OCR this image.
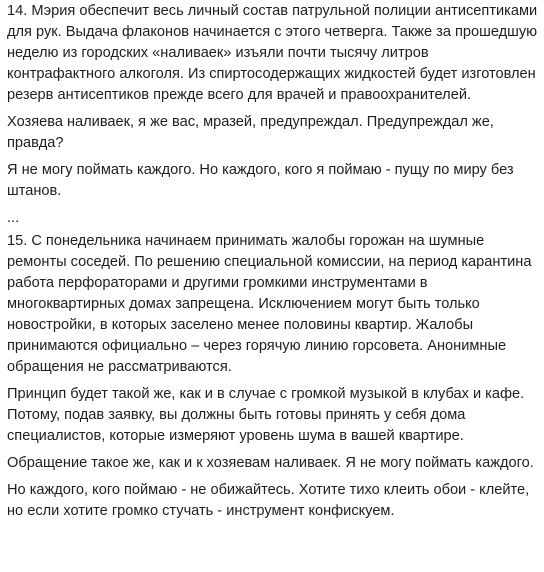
14. Мэрия обеспечит весь личный состав патрульной полиции антисептиками для рук. Выдача флаконов начинается с этого четверга. Также за прошедшую неделю из городских «наливаек» изъяли почти тысячу литров контрафактного алкоголя. Из спиртосодержащих жидкостей будет изготовлен резерв антисептиков прежде всего для врачей и правоохранителей.

Хозяева наливаек, я же вас, мразей, предупреждал. Предупреждал же, правда?

Я не могу поймать каждого. Но каждого, кого я поймаю - пущу по миру без штанов.

...

15. С понедельника начинаем принимать жалобы горожан на шумные ремонты соседей. По решению специальной комиссии, на период карантина работа перфораторами и другими громкими инструментами в многоквартирных домах запрещена. Исключением могут быть только новостройки, в которых заселено менее половины квартир. Жалобы принимаются официально – через горячую линию горсовета. Анонимные обращения не рассматриваются.

Принцип будет такой же, как и в случае с громкой музыкой в клубах и кафе. Потому, подав заявку, вы должны быть готовы принять у себя дома специалистов, которые измеряют уровень шума в вашей квартире.

Обращение такое же, как и к хозяевам наливаек. Я не могу поймать каждого.

Но каждого, кого поймаю - не обижайтесь. Хотите тихо клеить обои - клейте, но если хотите громко стучать - инструмент конфискуем.
